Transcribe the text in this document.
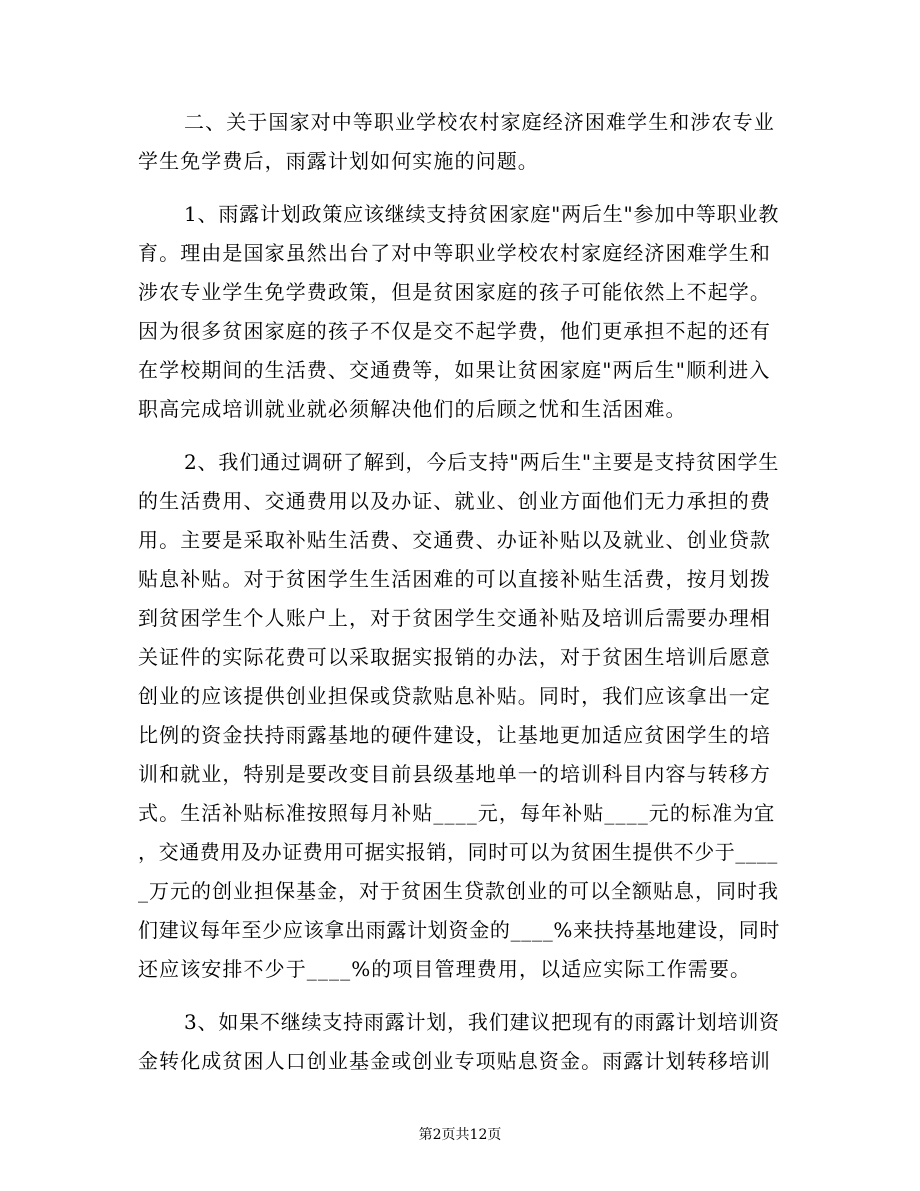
二、关于国家对中等职业学校农村家庭经济困难学生和涉农专业
学生免学费后，雨露计划如何实施的问题。
1、雨露计划政策应该继续支持贫困家庭"两后生"参加中等职业教
育。理由是国家虽然出台了对中等职业学校农村家庭经济困难学生和
涉农专业学生免学费政策，但是贫困家庭的孩子可能依然上不起学。
因为很多贫困家庭的孩子不仅是交不起学费，他们更承担不起的还有
在学校期间的生活费、交通费等，如果让贫困家庭"两后生"顺利进入
职高完成培训就业就必须解决他们的后顾之忧和生活困难。
2、我们通过调研了解到，今后支持"两后生"主要是支持贫困学生
的生活费用、交通费用以及办证、就业、创业方面他们无力承担的费
用。主要是采取补贴生活费、交通费、办证补贴以及就业、创业贷款
贴息补贴。对于贫困学生生活困难的可以直接补贴生活费，按月划拨
到贫困学生个人账户上，对于贫困学生交通补贴及培训后需要办理相
关证件的实际花费可以采取据实报销的办法，对于贫困生培训后愿意
创业的应该提供创业担保或贷款贴息补贴。同时，我们应该拿出一定
比例的资金扶持雨露基地的硬件建设，让基地更加适应贫困学生的培
训和就业，特别是要改变目前县级基地单一的培训科目内容与转移方
式。生活补贴标准按照每月补贴____元，每年补贴____元的标准为宜
，交通费用及办证费用可据实报销，同时可以为贫困生提供不少于____
_万元的创业担保基金，对于贫困生贷款创业的可以全额贴息，同时我
们建议每年至少应该拿出雨露计划资金的____%来扶持基地建设，同时
还应该安排不少于____%的项目管理费用，以适应实际工作需要。
3、如果不继续支持雨露计划，我们建议把现有的雨露计划培训资
金转化成贫困人口创业基金或创业专项贴息资金。雨露计划转移培训
第2页共12页
